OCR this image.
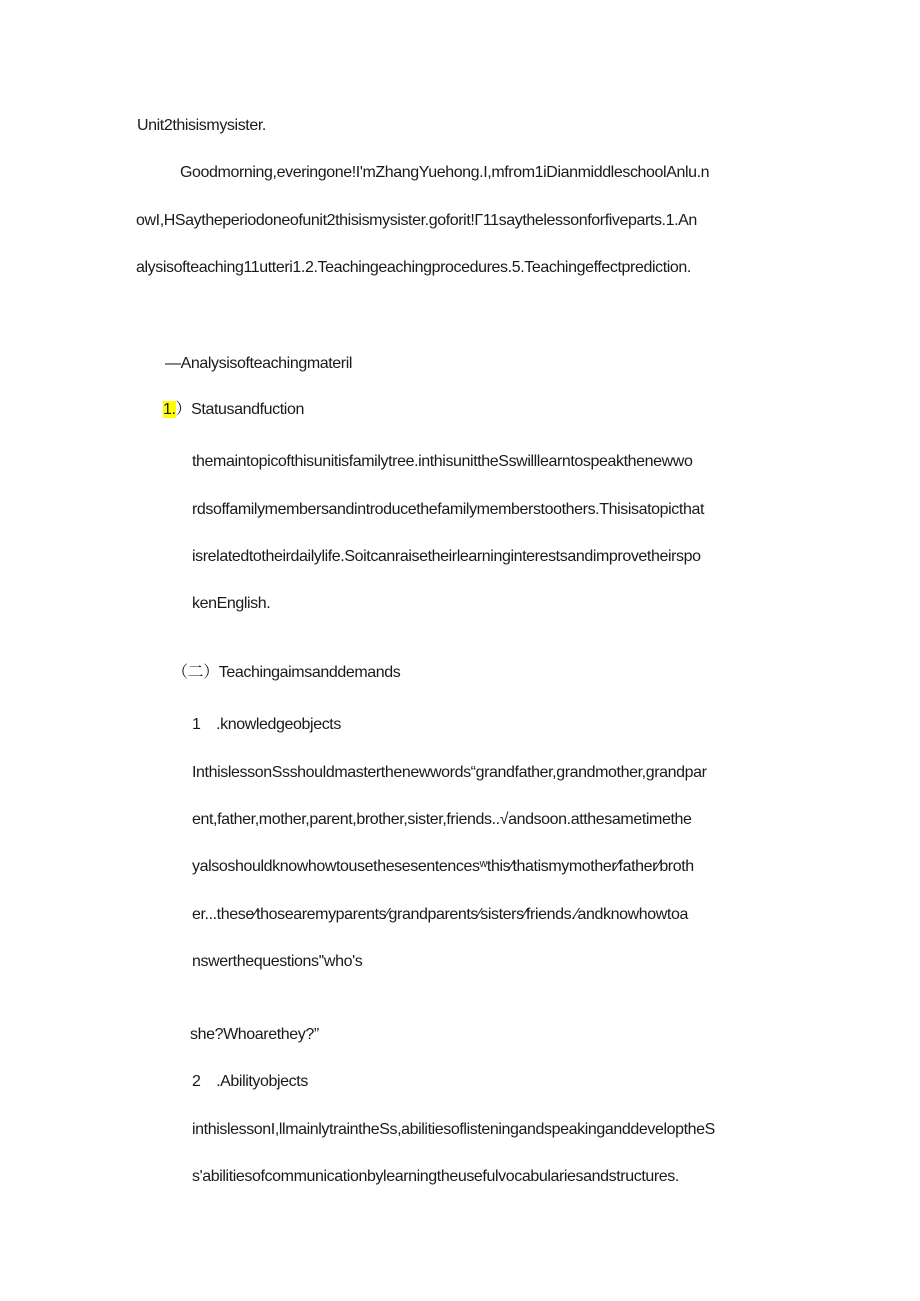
Unit2thisismysister.
Goodmorning,everingone!I'mZhangYuehong.I,mfrom1iDianmiddleschoolAnlu.n
owI,HSaytheperiodoneofunit2thisismysister.goforit!Γ11saythelessonforfiveparts.1.An
alysisofteaching11utteri1.2.Teachingeachingprocedures.5.Teachingeffectprediction.
—Analysisofteachingmateril
1.）Statusandfuction
themaintopicofthisunitisfamilytree.inthisunittheSswilllearntospeakthenewwo
rdsoffamilymembersandintroducethefamilymemberstoothers.Thisisatopicthat
isrelatedtotheirdailylife.Soitcanraisetheirlearninginterestsandimprovetheirspo
kenEnglish.
（二）Teachingaimsanddemands
1　.knowledgeobjects
InthislessonSsshouldmasterthenewwords“grandfather,grandmother,grandpar
ent,father,mother,parent,brother,sister,friends..√andsoon.atthesametimethe
yalsoshouldknowhowtousethesesentencesʷthis∕thatismymother∕father∕broth
er...these∕thosearemyparents∕grandparents∕sisters∕friends.∕andknowhowtoa
nswerthequestions''who's
she?Whoarethey?”
2　.Abilityobjects
inthislessonI,llmainlytraintheSs,abilitiesoflisteningandspeakinganddeveloptheS
s'abilitiesofcommunicationbylearningtheusefulvocabulariesandstructures.
